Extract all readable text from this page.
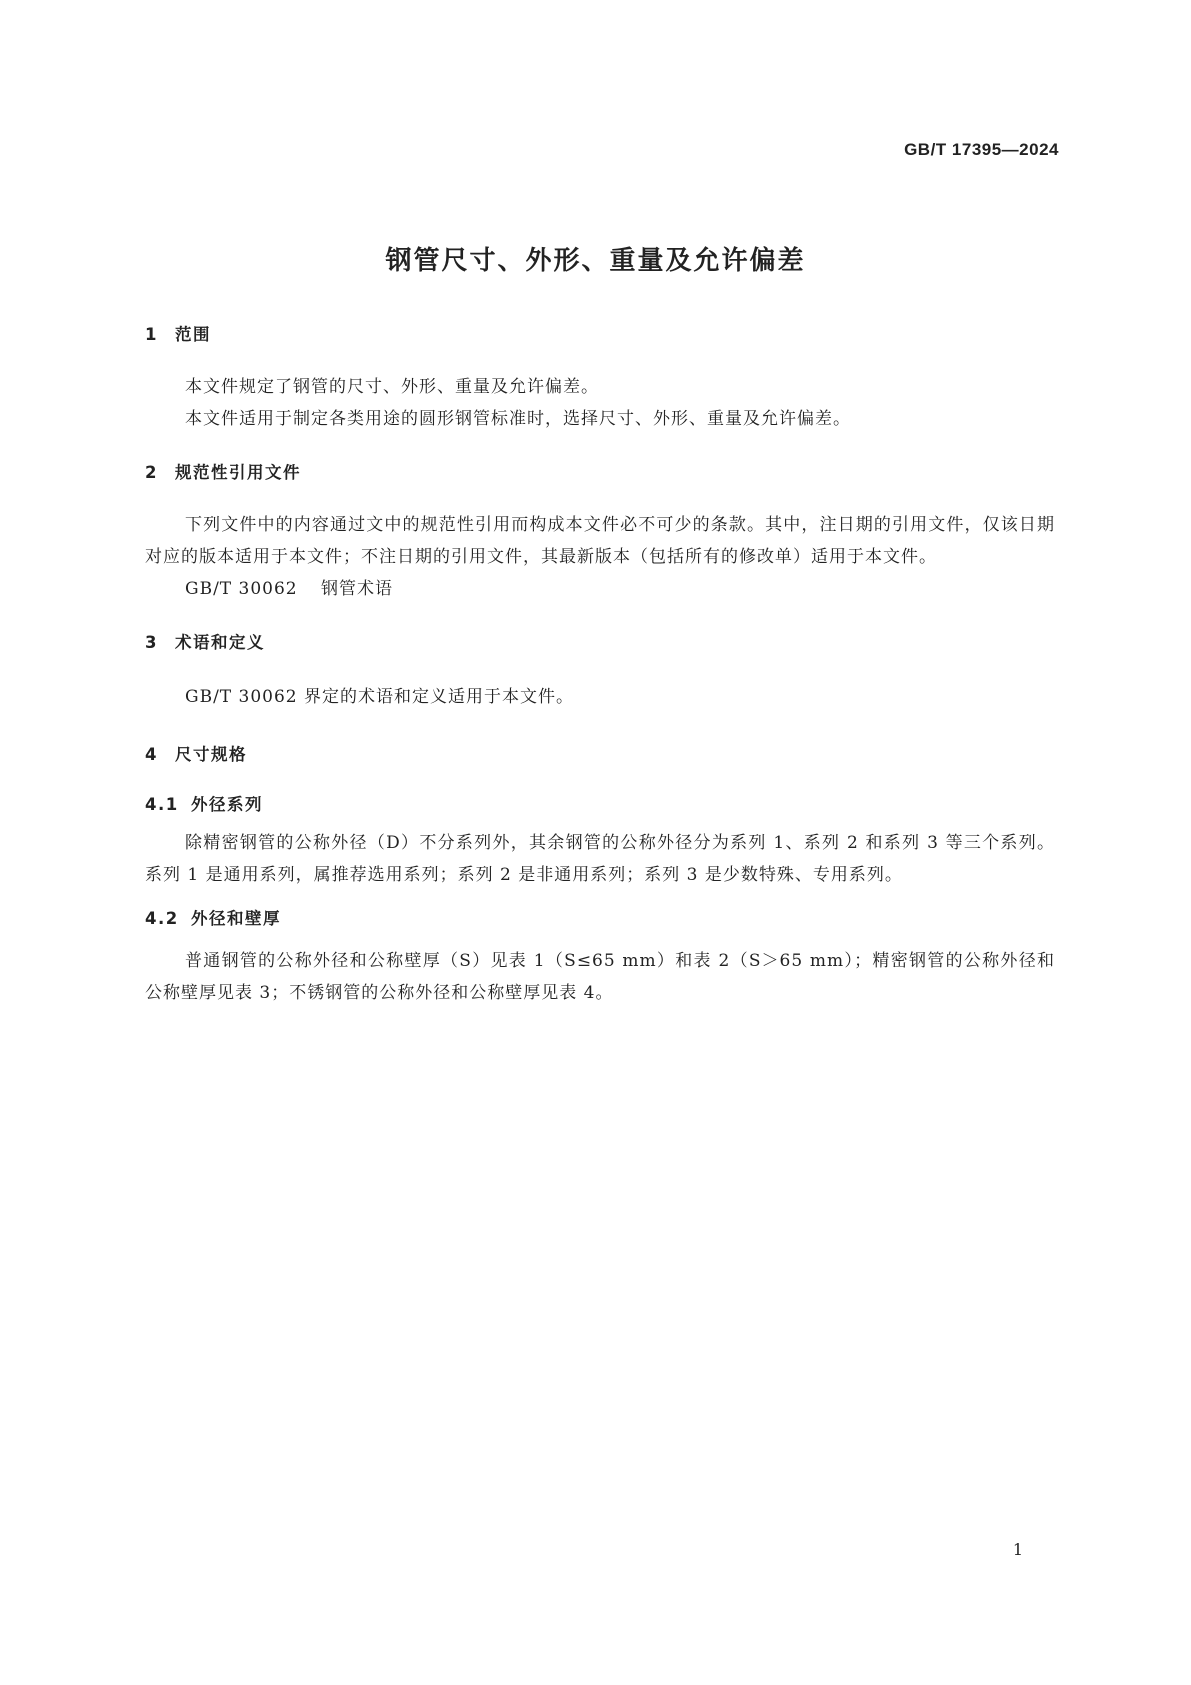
GB/T 17395—2024
钢管尺寸、外形、重量及允许偏差
1 范围
本文件规定了钢管的尺寸、外形、重量及允许偏差。
本文件适用于制定各类用途的圆形钢管标准时，选择尺寸、外形、重量及允许偏差。
2 规范性引用文件
下列文件中的内容通过文中的规范性引用而构成本文件必不可少的条款。其中，注日期的引用文件，仅该日期对应的版本适用于本文件；不注日期的引用文件，其最新版本（包括所有的修改单）适用于本文件。
GB/T 30062 钢管术语
3 术语和定义
GB/T 30062 界定的术语和定义适用于本文件。
4 尺寸规格
4.1 外径系列
除精密钢管的公称外径（D）不分系列外，其余钢管的公称外径分为系列 1、系列 2 和系列 3 等三个系列。系列 1 是通用系列，属推荐选用系列；系列 2 是非通用系列；系列 3 是少数特殊、专用系列。
4.2 外径和壁厚
普通钢管的公称外径和公称壁厚（S）见表 1（S≤65 mm）和表 2（S＞65 mm）；精密钢管的公称外径和公称壁厚见表 3；不锈钢管的公称外径和公称壁厚见表 4。
1
